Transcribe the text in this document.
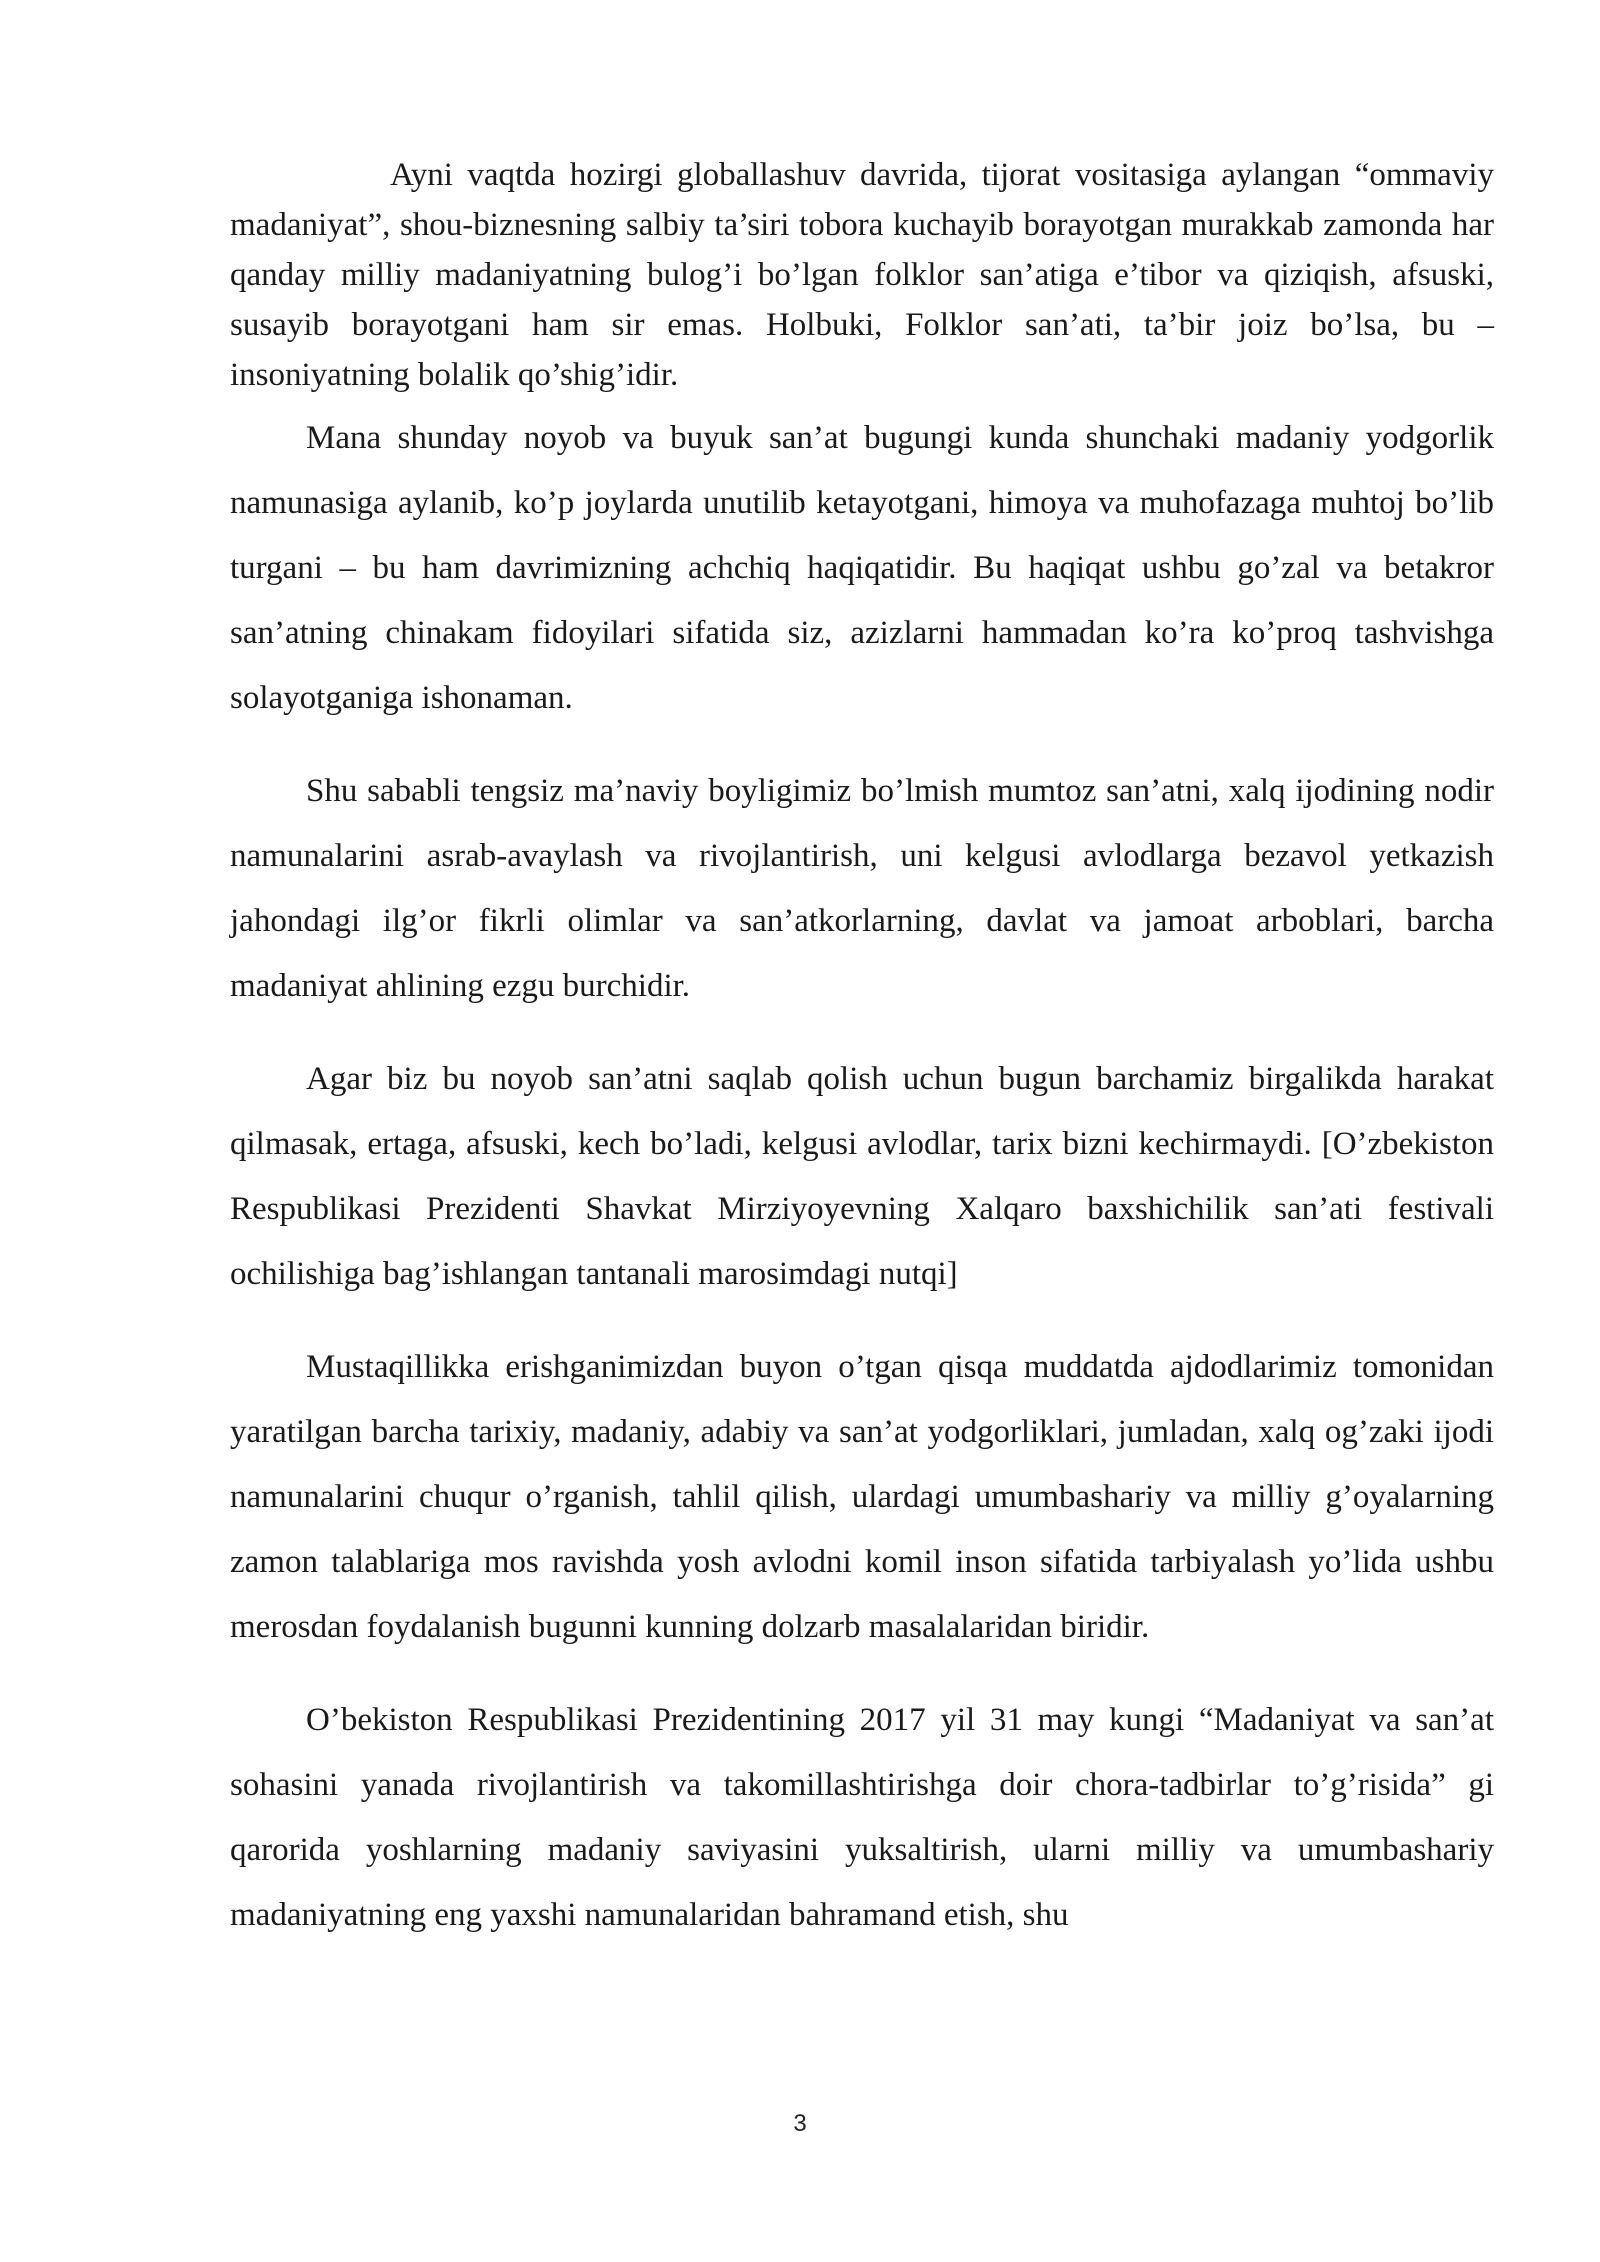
Ayni vaqtda hozirgi globallashuv davrida, tijorat vositasiga aylangan “ommaviy madaniyat”, shou-biznesning salbiy ta’siri tobora kuchayib borayotgan murakkab zamonda har qanday milliy madaniyatning bulog’i bo’lgan folklor san’atiga e’tibor va qiziqish, afsuski, susayib borayotgani ham sir emas. Holbuki, Folklor san’ati, ta’bir joiz bo’lsa, bu – insoniyatning bolalik qo’shig’idir.

Mana shunday noyob va buyuk san’at bugungi kunda shunchaki madaniy yodgorlik namunasiga aylanib, ko’p joylarda unutilib ketayotgani, himoya va muhofazaga muhtoj bo’lib turgani – bu ham davrimizning achchiq haqiqatidir. Bu haqiqat ushbu go’zal va betakror san’atning chinakam fidoyilari sifatida siz, azizlarni hammadan ko’ra ko’proq tashvishga solayotganiga ishonaman.

Shu sababli tengsiz ma’naviy boyligimiz bo’lmish mumtoz san’atni, xalq ijodining nodir namunalarini asrab-avaylash va rivojlantirish, uni kelgusi avlodlarga bezavol yetkazish jahondagi ilg’or fikrli olimlar va san’atkorlarning, davlat va jamoat arboblari, barcha madaniyat ahlining ezgu burchidir.

Agar biz bu noyob san’atni saqlab qolish uchun bugun barchamiz birgalikda harakat qilmasak, ertaga, afsuski, kech bo’ladi, kelgusi avlodlar, tarix bizni kechirmaydi. [O’zbekiston Respublikasi Prezidenti Shavkat Mirziyoyevning Xalqaro baxshichilik san’ati festivali ochilishiga bag’ishlangan tantanali marosimdagi nutqi]

Mustaqillikka erishganimizdan buyon o’tgan qisqa muddatda ajdodlarimiz tomonidan yaratilgan barcha tarixiy, madaniy, adabiy va san’at yodgorliklari, jumladan, xalq og’zaki ijodi namunalarini chuqur o’rganish, tahlil qilish, ulardagi umumbashariy va milliy g’oyalarning zamon talablariga mos ravishda yosh avlodni komil inson sifatida tarbiyalash yo’lida ushbu merosdan foydalanish bugunni kunning dolzarb masalalaridan biridir.

O’bekiston Respublikasi Prezidentining 2017 yil 31 may kungi “Madaniyat va san’at sohasini yanada rivojlantirish va takomillashtirishga doir chora-tadbirlar to’g’risida” gi qarorida yoshlarning madaniy saviyasini yuksaltirish, ularni milliy va umumbashariy madaniyatning eng yaxshi namunalaridan bahramand etish, shu

3
